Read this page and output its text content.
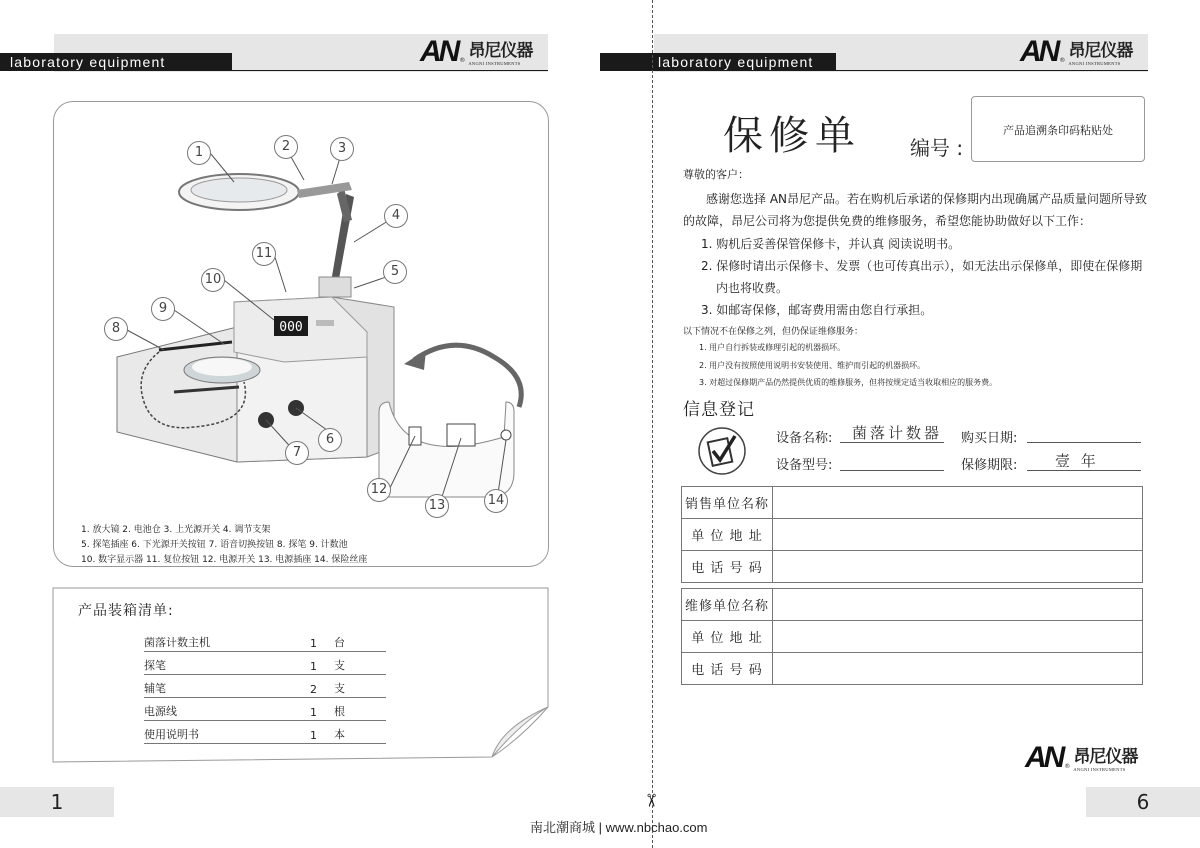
laboratory equipment	AN ® 昂尼仪器
ANGNI INSTRUMENTS	laboratory equipment	AN ® 昂尼仪器
ANGNI INSTRUMENTS
000
1	2	3
4
5
6
7
8
9
10
11
12
13	14
1. 放大镜 2. 电池仓 3. 上光源开关 4. 调节支架
5. 探笔插座 6. 下光源开关按钮 7. 语音切换按钮 8. 探笔 9. 计数池
10. 数字显示器 11. 复位按钮 12. 电源开关 13. 电源插座 14. 保险丝座
产品装箱清单:
菌落计数主机	1 台
探笔	1 支
辅笔	2 支
电源线	1 根
使用说明书	1 本
1
保修单 编号 :
产品追溯条印码粘贴处
尊敬的客户：
感谢您选择 AN昂尼产品。若在购机后承诺的保修期内出现确属产品质量问题所导致
的故障，昂尼公司将为您提供免费的维修服务，希望您能协助做好以下工作：
1. 购机后妥善保管保修卡，并认真 阅读说明书。
2. 保修时请出示保修卡、发票（也可传真出示），如无法出示保修单，即使在保修期
内也将收费。
3. 如邮寄保修，邮寄费用需由您自行承担。
以下情况不在保修之列，但仍保证维修服务：
1. 用户自行拆装或修理引起的机器损坏。
2. 用户没有按照使用说明书安装使用、维护而引起的机器损坏。
3. 对超过保修期产品仍然提供优质的维修服务，但将按规定适当收取相应的服务费。
信息登记
设备名称: 菌落计数器 购买日期:
设备型号:	保修期限:	壹 年
销售单位名称	
单 位 地 址	
电 话 号 码	
维修单位名称	
单 位 地 址	
电 话 号 码	
AN ® 昂尼仪器
ANGNI INSTRUMENTS
6
✂
南北潮商城 | www.nbchao.com
